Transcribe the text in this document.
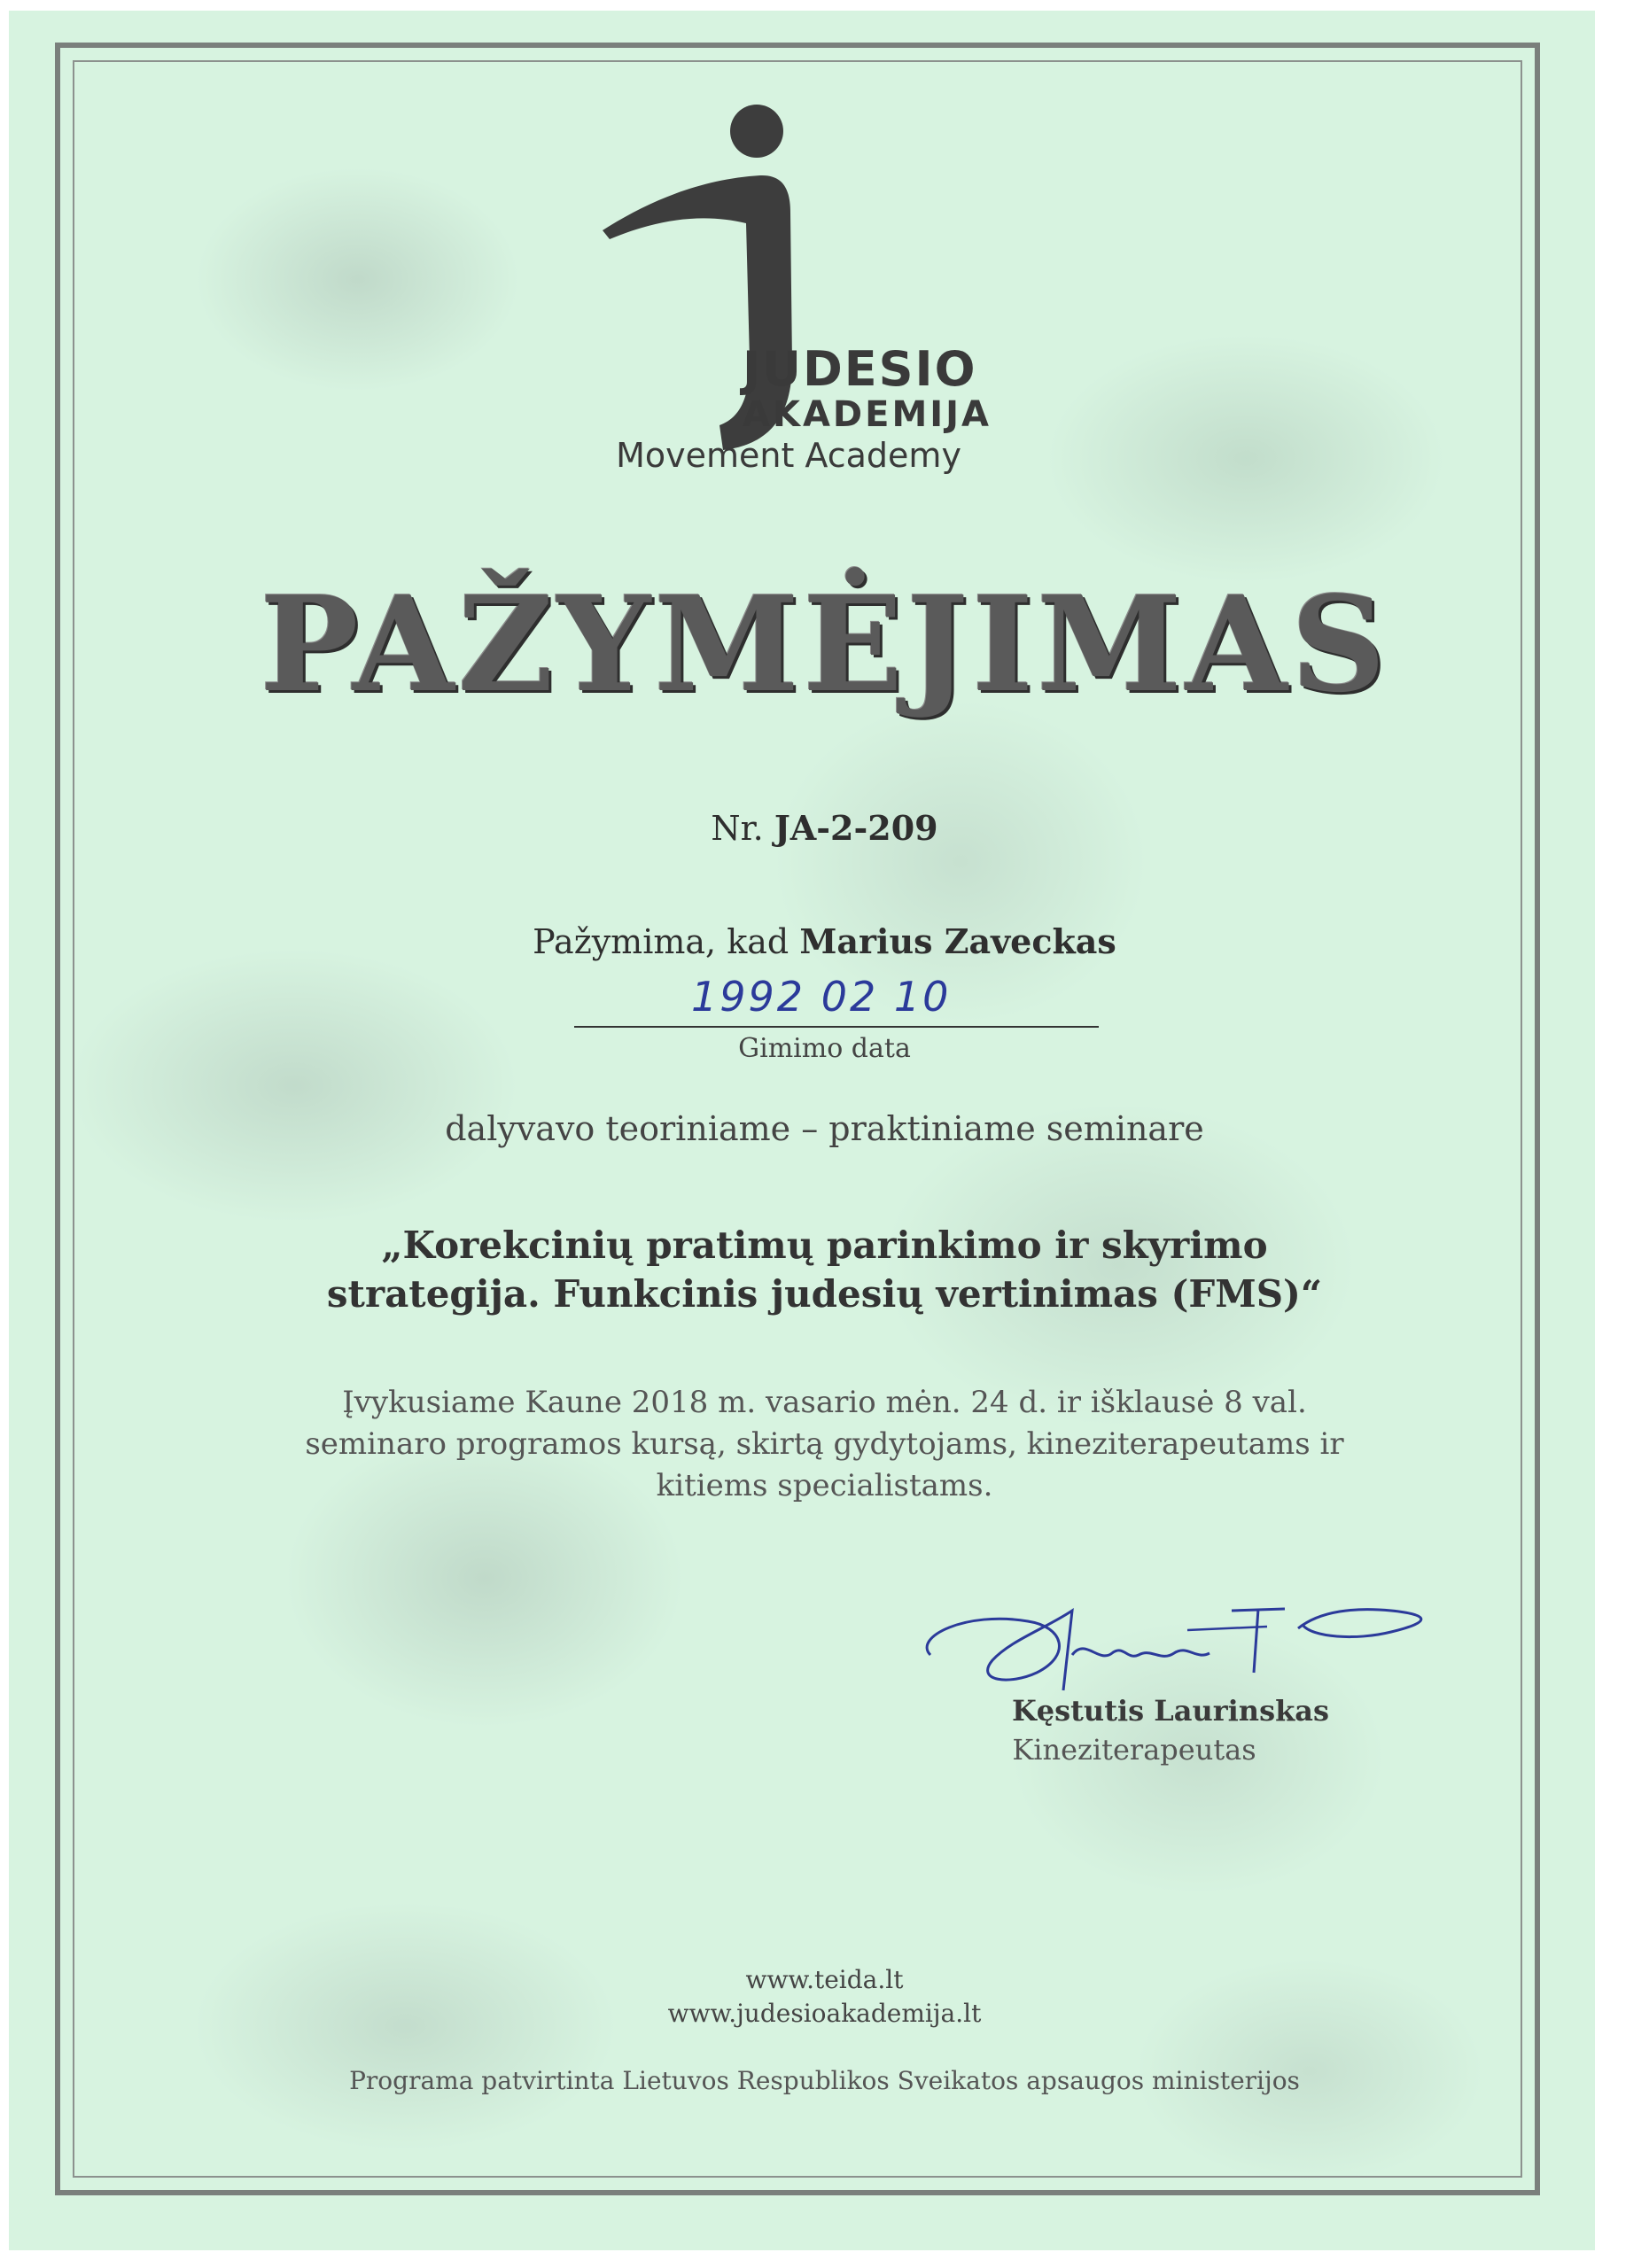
JUDESIO
AKADEMIJA
Movement Academy
PAŽYMĖJIMAS
Nr. JA-2-209
Pažymima, kad Marius Zaveckas
1992 02 10
Gimimo data
dalyvavo teoriniame – praktiniame seminare
„Korekcinių pratimų parinkimo ir skyrimo
strategija. Funkcinis judesių vertinimas (FMS)“
Įvykusiame Kaune 2018 m. vasario mėn. 24 d. ir išklausė 8 val.
seminaro programos kursą, skirtą gydytojams, kineziterapeutams ir
kitiems specialistams.
Kęstutis Laurinskas
Kineziterapeutas
www.teida.lt
www.judesioakademija.lt
Programa patvirtinta Lietuvos Respublikos Sveikatos apsaugos ministerijos
